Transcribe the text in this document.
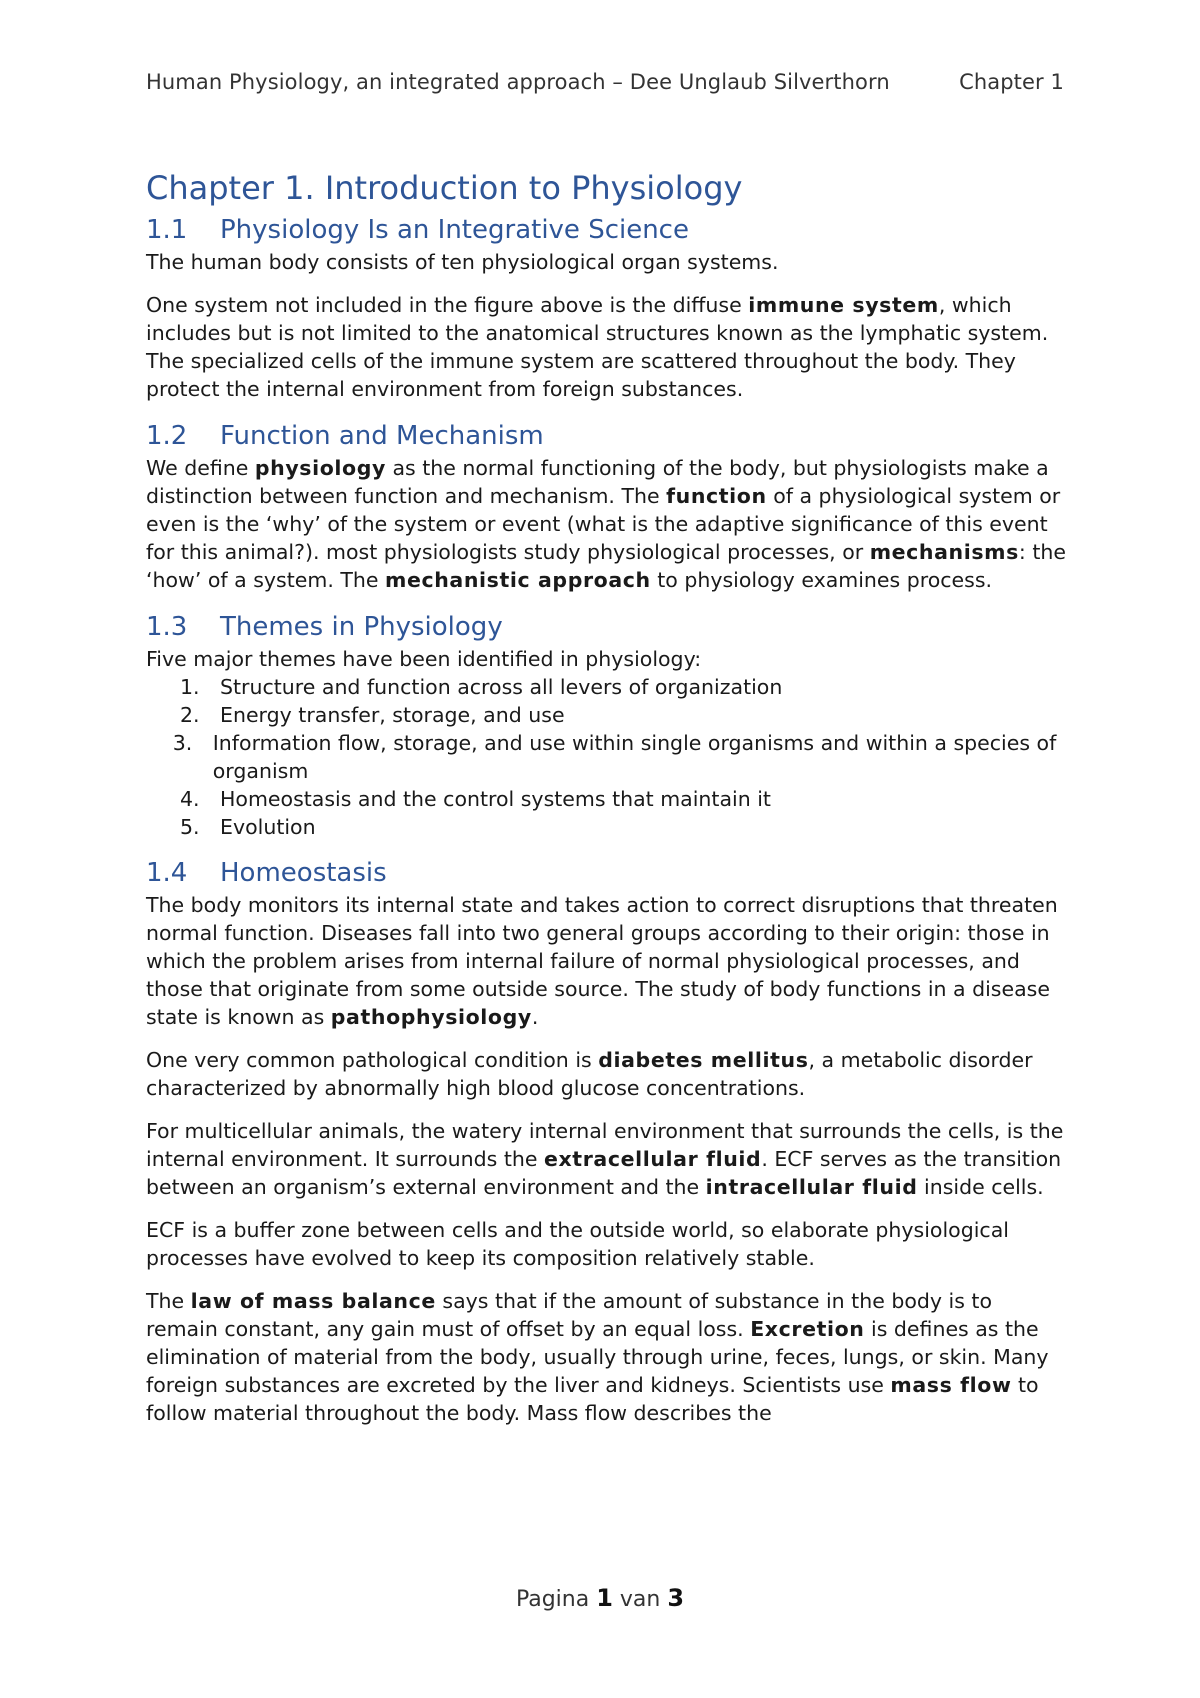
Human Physiology, an integrated approach – Dee Unglaub Silverthorn	Chapter 1
Chapter 1. Introduction to Physiology
1.1	Physiology Is an Integrative Science

The human body consists of ten physiological organ systems.

One system not included in the figure above is the diffuse immune system, which includes but is not limited to the anatomical structures known as the lymphatic system. The specialized cells of the immune system are scattered throughout the body. They protect the internal environment from foreign substances.

1.2	Function and Mechanism

We define physiology as the normal functioning of the body, but physiologists make a distinction between function and mechanism. The function of a physiological system or even is the ‘why’ of the system or event (what is the adaptive significance of this event for this animal?). most physiologists study physiological processes, or mechanisms: the ‘how’ of a system. The mechanistic approach to physiology examines process.

1.3	Themes in Physiology

Five major themes have been identified in physiology:

1. Structure and function across all levers of organization
2. Energy transfer, storage, and use
3. Information flow, storage, and use within single organisms and within a species of organism
4. Homeostasis and the control systems that maintain it
5. Evolution
1.4	Homeostasis

The body monitors its internal state and takes action to correct disruptions that threaten normal function. Diseases fall into two general groups according to their origin: those in which the problem arises from internal failure of normal physiological processes, and those that originate from some outside source. The study of body functions in a disease state is known as pathophysiology.

One very common pathological condition is diabetes mellitus, a metabolic disorder characterized by abnormally high blood glucose concentrations.

For multicellular animals, the watery internal environment that surrounds the cells, is the internal environment. It surrounds the extracellular fluid. ECF serves as the transition between an organism’s external environment and the intracellular fluid inside cells.

ECF is a buffer zone between cells and the outside world, so elaborate physiological processes have evolved to keep its composition relatively stable.

The law of mass balance says that if the amount of substance in the body is to remain constant, any gain must of offset by an equal loss. Excretion is defines as the elimination of material from the body, usually through urine, feces, lungs, or skin. Many foreign substances are excreted by the liver and kidneys. Scientists use mass flow to follow material throughout the body. Mass flow describes the

Pagina 1 van 3
